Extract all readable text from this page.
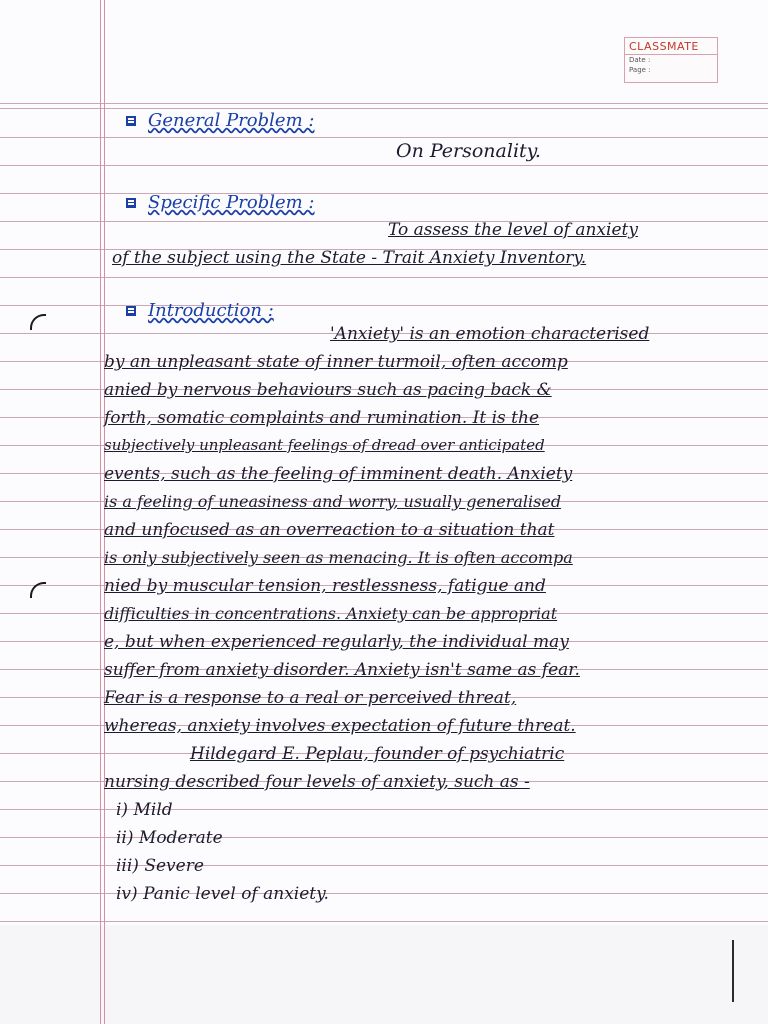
CLASSMATE
Date :
Page :
General Problem :
On Personality.
Specific Problem :
To assess the level of anxiety
of the subject using the State - Trait Anxiety Inventory.
Introduction :
'Anxiety' is an emotion characterised
by an unpleasant state of inner turmoil, often accomp
anied by nervous behaviours such as pacing back &
forth, somatic complaints and rumination. It is the
subjectively unpleasant feelings of dread over anticipated
events, such as the feeling of imminent death. Anxiety
is a feeling of uneasiness and worry, usually generalised
and unfocused as an overreaction to a situation that
is only subjectively seen as menacing. It is often accompa
nied by muscular tension, restlessness, fatigue and
difficulties in concentrations. Anxiety can be appropriat
e, but when experienced regularly, the individual may
suffer from anxiety disorder. Anxiety isn't same as fear.
Fear is a response to a real or perceived threat,
whereas, anxiety involves expectation of future threat.
Hildegard E. Peplau, founder of psychiatric
nursing described four levels of anxiety, such as -
i) Mild
ii) Moderate
iii) Severe
iv) Panic level of anxiety.
